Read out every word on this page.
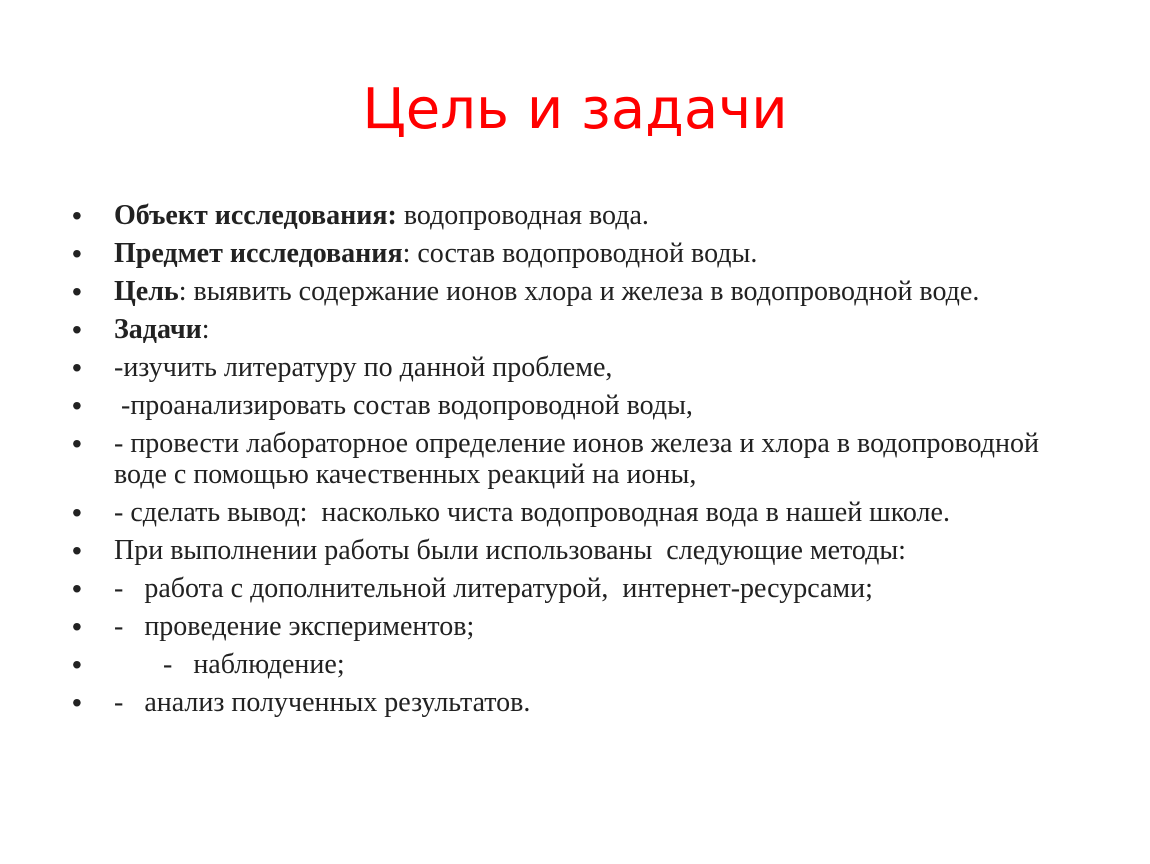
Цель и задачи
• Объект исследования: водопроводная вода.
• Предмет исследования: состав водопроводной воды.
• Цель: выявить содержание ионов хлора и железа в водопроводной воде.
• Задачи:
• -изучить литературу по данной проблеме,
• -проанализировать состав водопроводной воды,
• - провести лабораторное определение ионов железа и хлора в водопроводной воде с помощью качественных реакций на ионы,
• - сделать вывод:  насколько чиста водопроводная вода в нашей школе.
• При выполнении работы были использованы  следующие методы:
• -   работа с дополнительной литературой,  интернет-ресурсами;
• -   проведение экспериментов;
• -   наблюдение;
• -   анализ полученных результатов.
